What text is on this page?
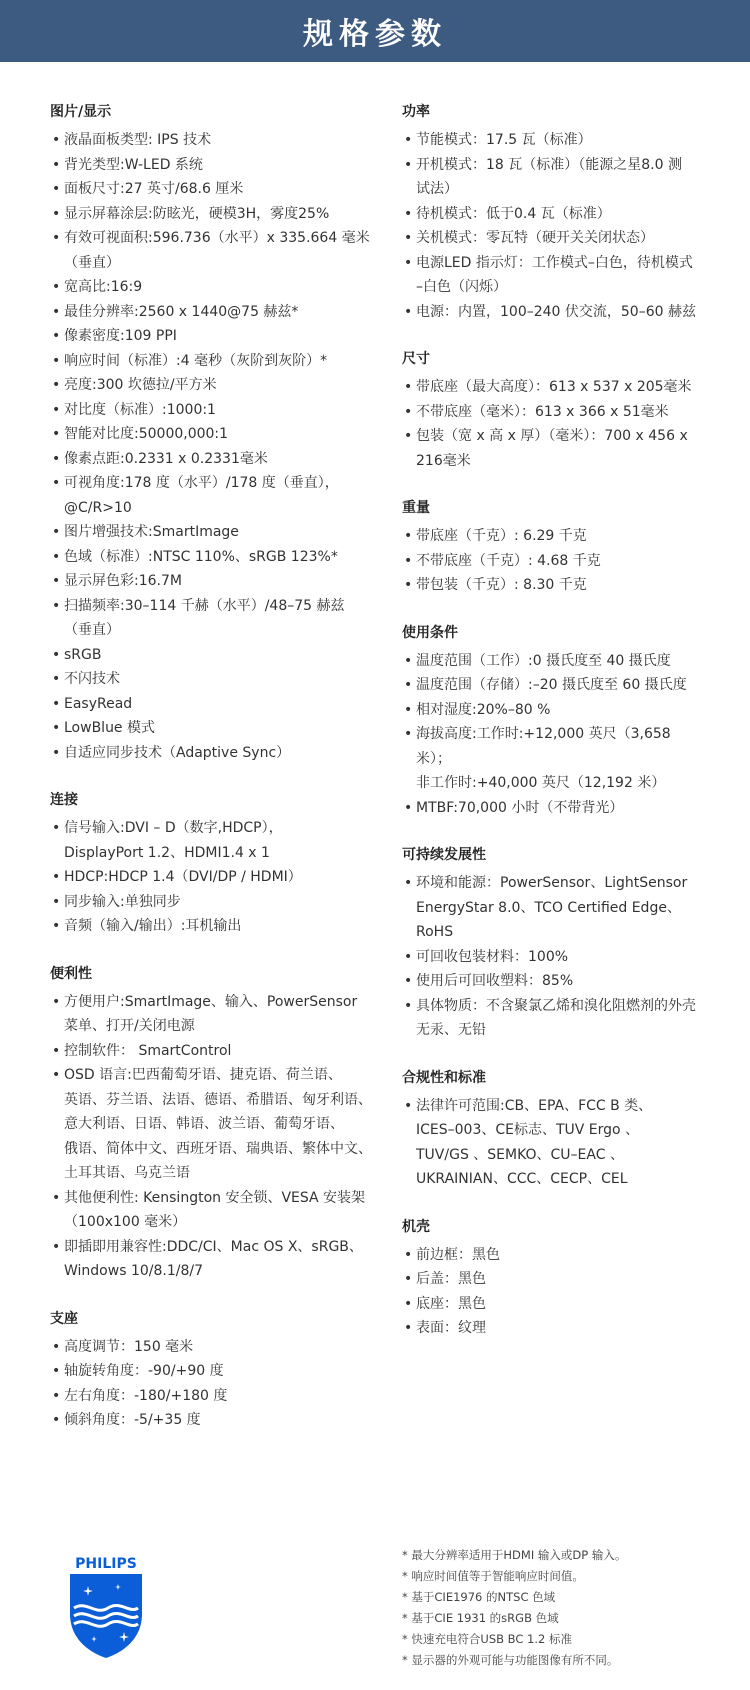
规格参数
图片/显示
• 液晶面板类型: IPS 技术
• 背光类型:W-LED 系统
• 面板尺寸:27 英寸/68.6 厘米
• 显示屏幕涂层:防眩光，硬模3H，雾度25%
• 有效可视面积:596.736（水平）x 335.664 毫米
（垂直）
• 宽高比:16:9
• 最佳分辨率:2560 x 1440@75 赫兹*
• 像素密度:109 PPI
• 响应时间（标准）:4 毫秒（灰阶到灰阶）*
• 亮度:300 坎德拉/平方米
• 对比度（标准）:1000:1
• 智能对比度:50000,000:1
• 像素点距:0.2331 x 0.2331毫米
• 可视角度:178 度（水平）/178 度（垂直），
@C/R>10
• 图片增强技术:SmartImage
• 色域（标准）:NTSC 110%、sRGB 123%*
• 显示屏色彩:16.7M
• 扫描频率:30–114 千赫（水平）/48–75 赫兹
（垂直）
• sRGB
• 不闪技术
• EasyRead
• LowBlue 模式
• 自适应同步技术（Adaptive Sync）
连接
• 信号输入:DVI – D（数字,HDCP），
DisplayPort 1.2、HDMI1.4 x 1
• HDCP:HDCP 1.4（DVI/DP / HDMI）
• 同步输入:单独同步
• 音频（输入/输出）:耳机输出
便利性
• 方便用户:SmartImage、输入、PowerSensor
菜单、打开/关闭电源
• 控制软件： SmartControl
• OSD 语言:巴西葡萄牙语、捷克语、荷兰语、
英语、芬兰语、法语、德语、希腊语、匈牙利语、
意大利语、日语、韩语、波兰语、葡萄牙语、
俄语、简体中文、西班牙语、瑞典语、繁体中文、
土耳其语、乌克兰语
• 其他便利性: Kensington 安全锁、VESA 安装架
（100x100 毫米）
• 即插即用兼容性:DDC/CI、Mac OS X、sRGB、
Windows 10/8.1/8/7
支座
• 高度调节：150 毫米
• 轴旋转角度：-90/+90 度
• 左右角度：-180/+180 度
• 倾斜角度：-5/+35 度
功率
• 节能模式：17.5 瓦（标准）
• 开机模式：18 瓦（标准）（能源之星8.0 测
试法）
• 待机模式：低于0.4 瓦（标准）
• 关机模式：零瓦特（硬开关关闭状态）
• 电源LED 指示灯：工作模式–白色，待机模式
–白色（闪烁）
• 电源：内置，100–240 伏交流，50–60 赫兹
尺寸
• 带底座（最大高度）：613 x 537 x 205毫米
• 不带底座（毫米）：613 x 366 x 51毫米
• 包装（宽 x 高 x 厚）（毫米）：700 x 456 x
216毫米
重量
• 带底座（千克）: 6.29 千克
• 不带底座（千克）: 4.68 千克
• 带包装（千克）: 8.30 千克
使用条件
• 温度范围（工作）:0 摄氏度至 40 摄氏度
• 温度范围（存储）:–20 摄氏度至 60 摄氏度
• 相对湿度:20%–80 %
• 海拔高度:工作时:+12,000 英尺（3,658米）；
非工作时:+40,000 英尺（12,192 米）
• MTBF:70,000 小时（不带背光）
可持续发展性
• 环境和能源：PowerSensor、LightSensor
EnergyStar 8.0、TCO Certified Edge、
RoHS
• 可回收包装材料：100%
• 使用后可回收塑料：85%
• 具体物质：不含聚氯乙烯和溴化阻燃剂的外壳
无汞、无铅
合规性和标准
• 法律许可范围:CB、EPA、FCC B 类、
ICES–003、CE标志、TUV Ergo 、
TUV/GS 、SEMKO、CU–EAC 、
UKRAINIAN、CCC、CECP、CEL
机壳
• 前边框：黑色
• 后盖：黑色
• 底座：黑色
• 表面：纹理
PHILIPS
* 最大分辨率适用于HDMI 输入或DP 输入。
* 响应时间值等于智能响应时间值。
* 基于CIE1976 的NTSC 色域
* 基于CIE 1931 的sRGB 色域
* 快速充电符合USB BC 1.2 标准
* 显示器的外观可能与功能图像有所不同。
